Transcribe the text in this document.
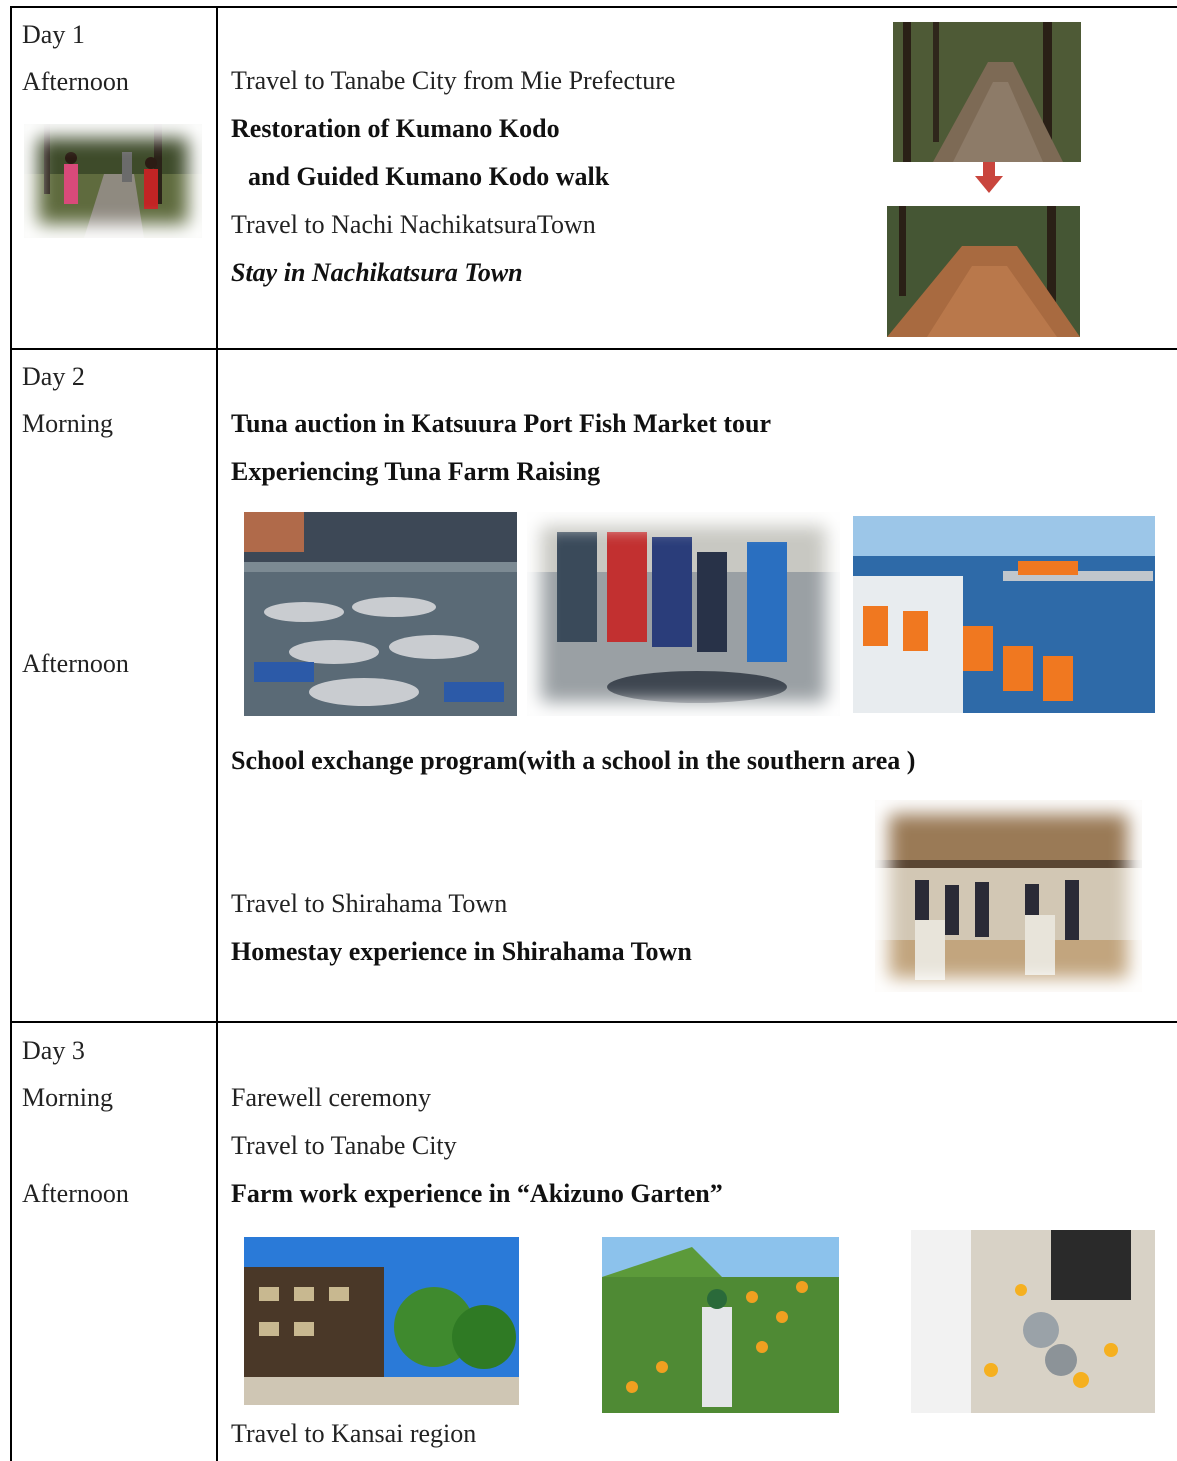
Day 1
Afternoon	Travel to Tanabe City from Mie Prefecture
Restoration of Kumano Kodo
and Guided Kumano Kodo walk
Travel to Nachi NachikatsuraTown
Stay in Nachikatsura Town
Day 2
Morning
Afternoon
Tuna auction in Katsuura Port Fish Market tour
Experiencing Tuna Farm Raising
School exchange program(with a school in the southern area )
Travel to Shirahama Town
Homestay experience in Shirahama Town
Day 3
Morning
Afternoon
Farewell ceremony
Travel to Tanabe City
Farm work experience in “Akizuno Garten”
Travel to Kansai region
